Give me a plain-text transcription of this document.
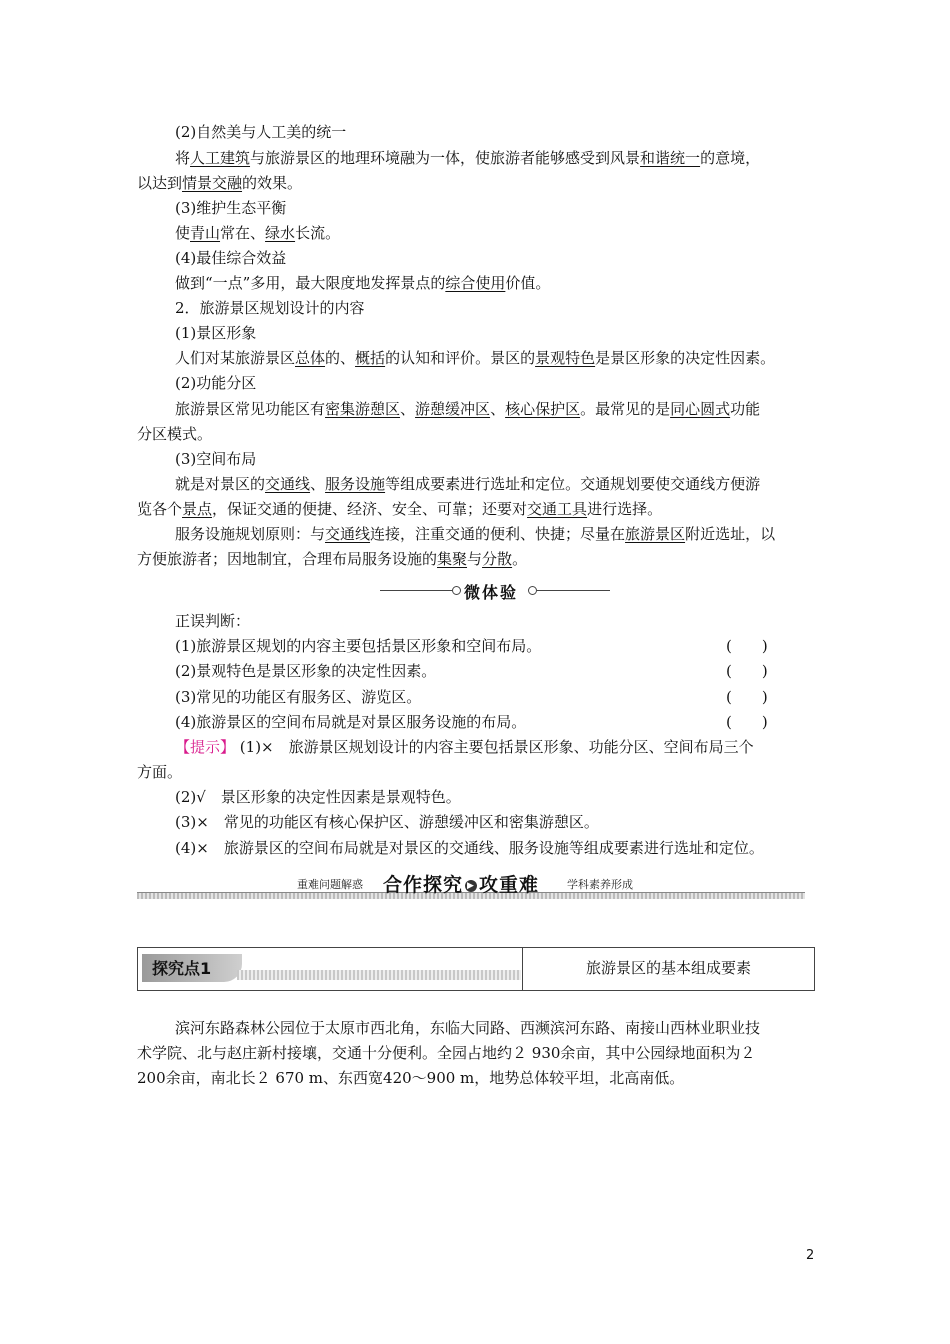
(2)自然美与人工美的统一
将人工建筑与旅游景区的地理环境融为一体，使旅游者能够感受到风景和谐统一的意境，
以达到情景交融的效果。
(3)维护生态平衡
使青山常在、绿水长流。
(4)最佳综合效益
做到“一点”多用，最大限度地发挥景点的综合使用价值。
2．旅游景区规划设计的内容
(1)景区形象
人们对某旅游景区总体的、概括的认知和评价。景区的景观特色是景区形象的决定性因素。
(2)功能分区
旅游景区常见功能区有密集游憩区、游憩缓冲区、核心保护区。最常见的是同心圆式功能
分区模式。
(3)空间布局
就是对景区的交通线、服务设施等组成要素进行选址和定位。交通规划要使交通线方便游
览各个景点，保证交通的便捷、经济、安全、可靠；还要对交通工具进行选择。
服务设施规划原则：与交通线连接，注重交通的便利、快捷；尽量在旅游景区附近选址，以
方便旅游者；因地制宜，合理布局服务设施的集聚与分散。
微体验
正误判断：
(1)旅游景区规划的内容主要包括景区形象和空间布局。	(　　)
(2)景观特色是景区形象的决定性因素。	(　　)
(3)常见的功能区有服务区、游览区。	(　　)
(4)旅游景区的空间布局就是对景区服务设施的布局。	(　　)
【提示】 (1)×　旅游景区规划设计的内容主要包括景区形象、功能分区、空间布局三个
方面。
(2)√　景区形象的决定性因素是景观特色。
(3)×　常见的功能区有核心保护区、游憩缓冲区和密集游憩区。
(4)×　旅游景区的空间布局就是对景区的交通线、服务设施等组成要素进行选址和定位。
重难问题解惑 合作探究 ▶ 攻重难	学科素养形成
探究点1	旅游景区的基本组成要素
滨河东路森林公园位于太原市西北角，东临大同路、西濒滨河东路、南接山西林业职业技
术学院、北与赵庄新村接壤，交通十分便利。全园占地约２ 930余亩，其中公园绿地面积为２
200余亩，南北长２ 670 m、东西宽420～900 m，地势总体较平坦，北高南低。
2
